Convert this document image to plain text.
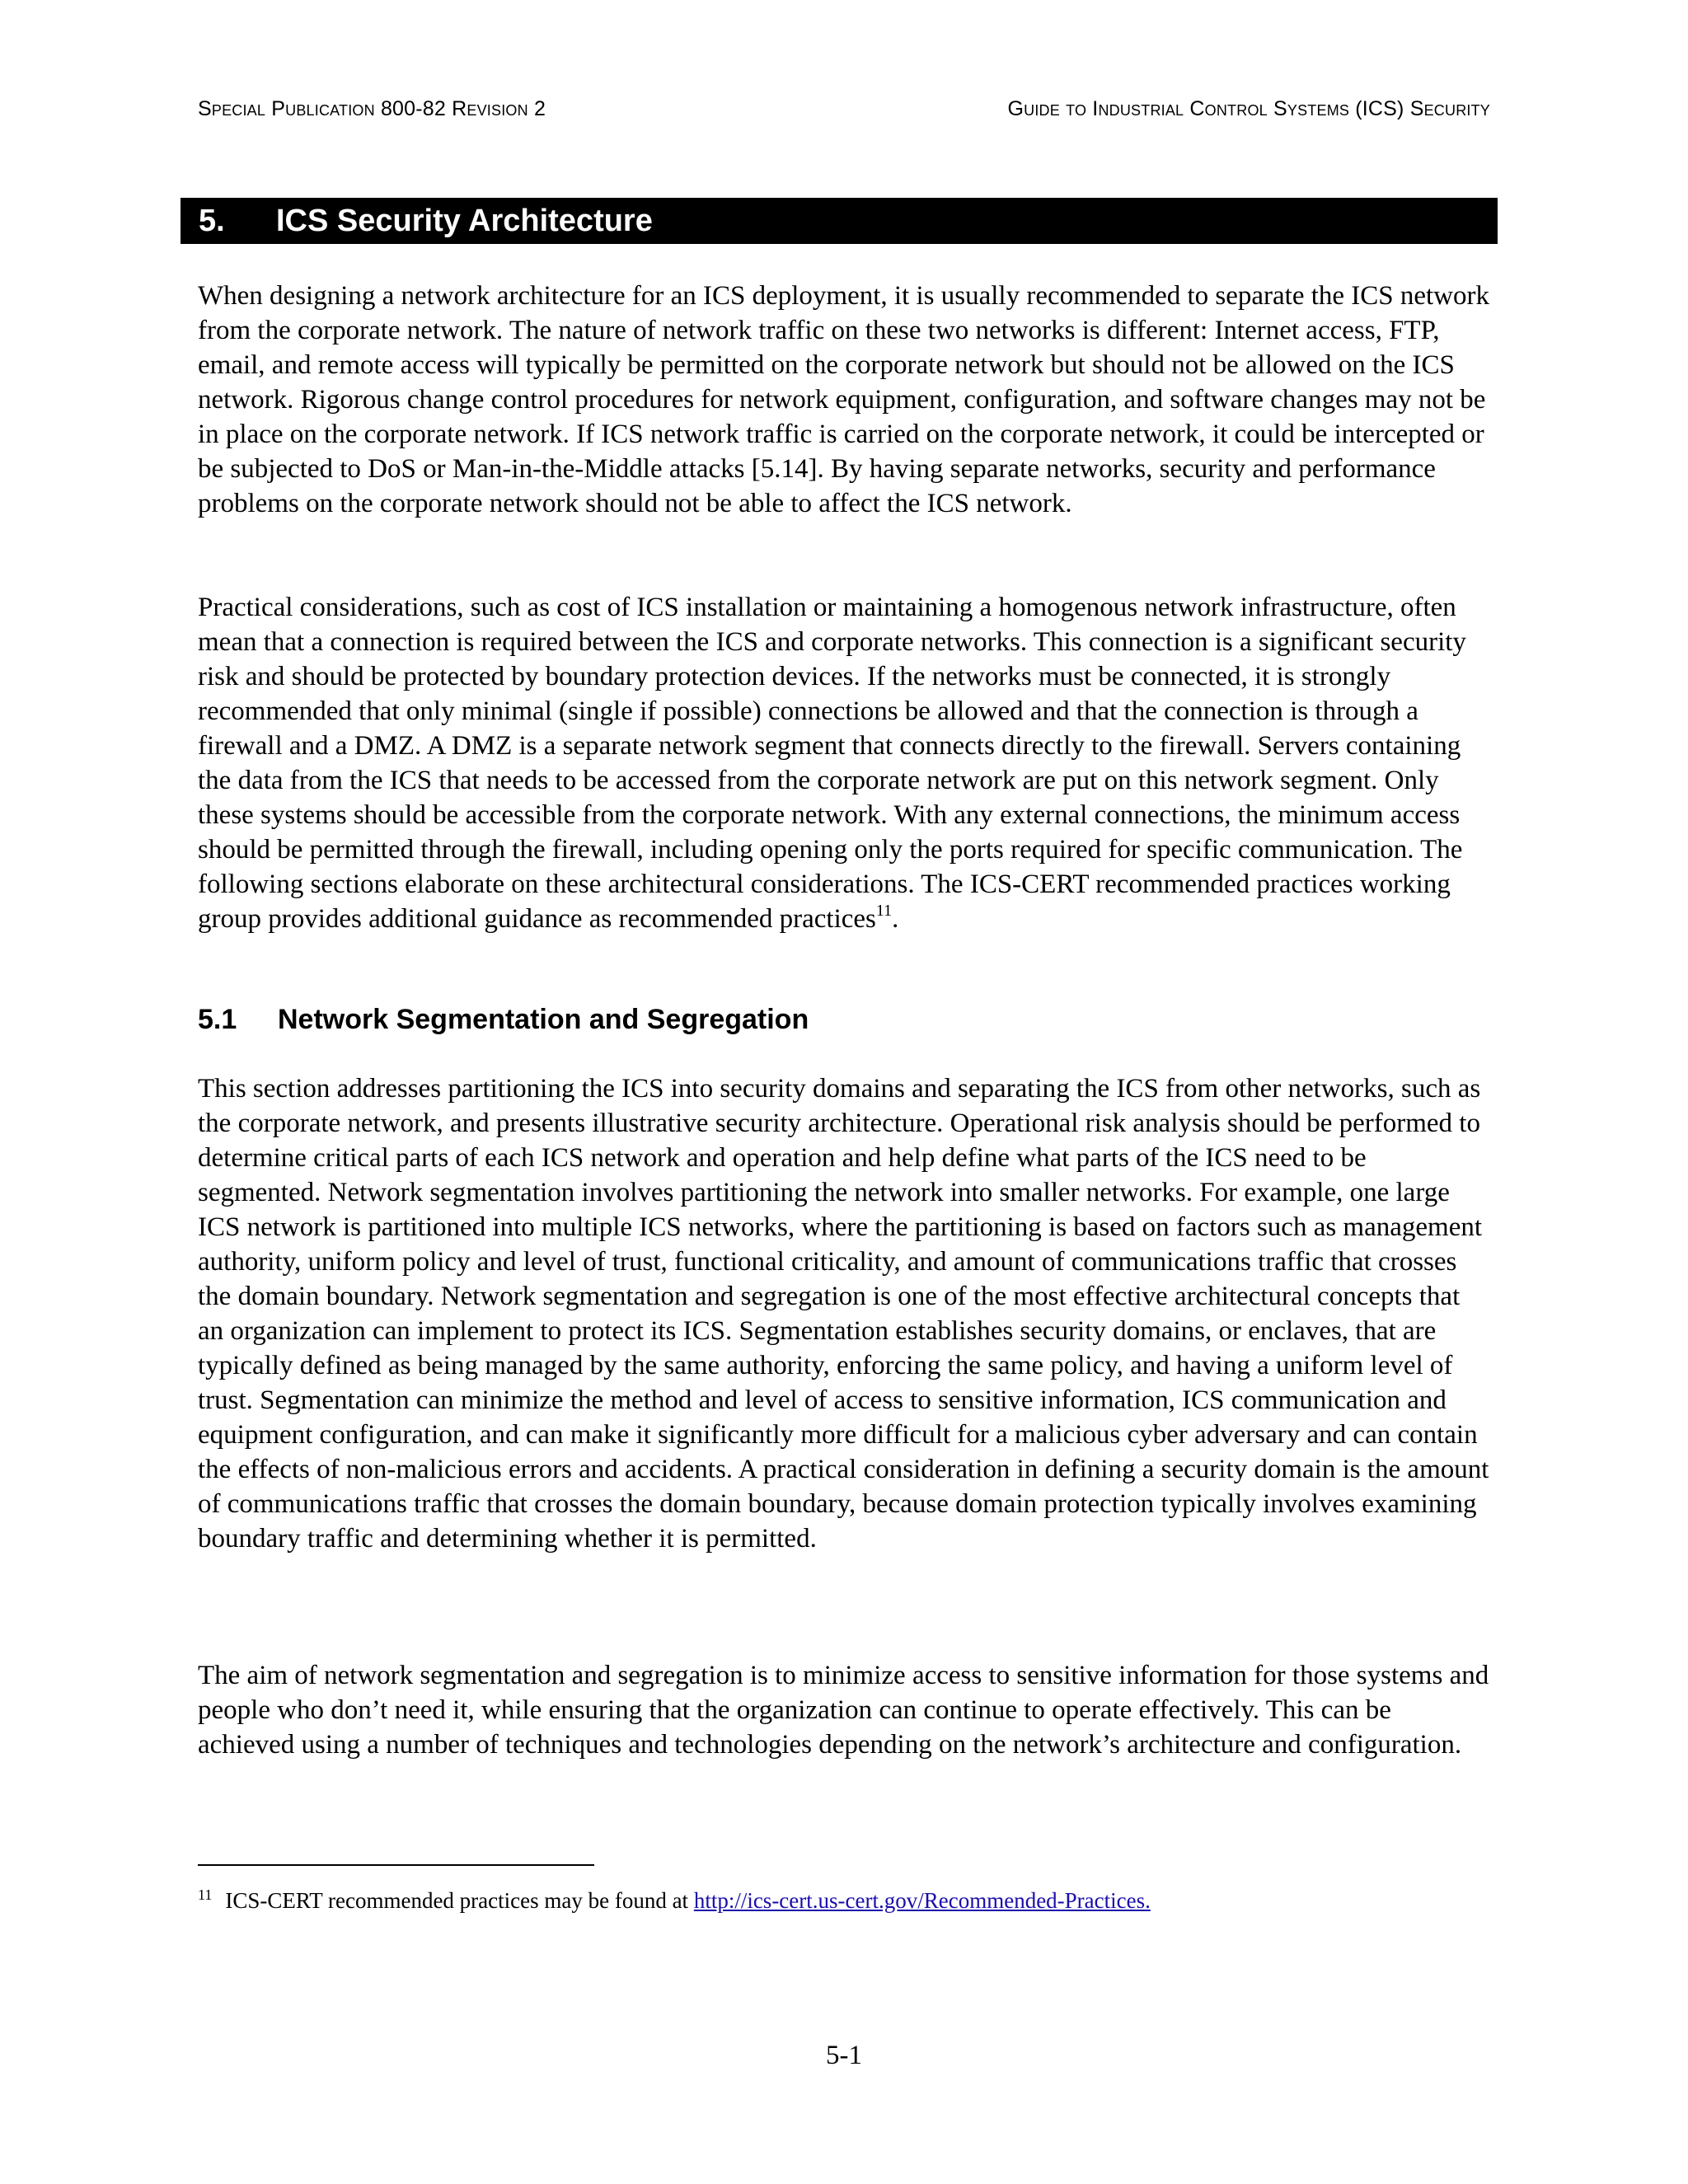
Special Publication 800-82 Revision 2	Guide to Industrial Control Systems (ICS) Security
5. ICS Security Architecture

When designing a network architecture for an ICS deployment, it is usually recommended to separate the ICS network from the corporate network. The nature of network traffic on these two networks is different: Internet access, FTP, email, and remote access will typically be permitted on the corporate network but should not be allowed on the ICS network. Rigorous change control procedures for network equipment, configuration, and software changes may not be in place on the corporate network. If ICS network traffic is carried on the corporate network, it could be intercepted or be subjected to DoS or Man-in-the-Middle attacks [5.14]. By having separate networks, security and performance problems on the corporate network should not be able to affect the ICS network.

Practical considerations, such as cost of ICS installation or maintaining a homogenous network infrastructure, often mean that a connection is required between the ICS and corporate networks. This connection is a significant security risk and should be protected by boundary protection devices. If the networks must be connected, it is strongly recommended that only minimal (single if possible) connections be allowed and that the connection is through a firewall and a DMZ. A DMZ is a separate network segment that connects directly to the firewall. Servers containing the data from the ICS that needs to be accessed from the corporate network are put on this network segment. Only these systems should be accessible from the corporate network. With any external connections, the minimum access should be permitted through the firewall, including opening only the ports required for specific communication. The following sections elaborate on these architectural considerations. The ICS-CERT recommended practices working group provides additional guidance as recommended practices$^{11}$.

5.1 Network Segmentation and Segregation

This section addresses partitioning the ICS into security domains and separating the ICS from other networks, such as the corporate network, and presents illustrative security architecture. Operational risk analysis should be performed to determine critical parts of each ICS network and operation and help define what parts of the ICS need to be segmented. Network segmentation involves partitioning the network into smaller networks. For example, one large ICS network is partitioned into multiple ICS networks, where the partitioning is based on factors such as management authority, uniform policy and level of trust, functional criticality, and amount of communications traffic that crosses the domain boundary. Network segmentation and segregation is one of the most effective architectural concepts that an organization can implement to protect its ICS. Segmentation establishes security domains, or enclaves, that are typically defined as being managed by the same authority, enforcing the same policy, and having a uniform level of trust. Segmentation can minimize the method and level of access to sensitive information, ICS communication and equipment configuration, and can make it significantly more difficult for a malicious cyber adversary and can contain the effects of non-malicious errors and accidents. A practical consideration in defining a security domain is the amount of communications traffic that crosses the domain boundary, because domain protection typically involves examining boundary traffic and determining whether it is permitted.

The aim of network segmentation and segregation is to minimize access to sensitive information for those systems and people who don’t need it, while ensuring that the organization can continue to operate effectively. This can be achieved using a number of techniques and technologies depending on the network’s architecture and configuration.

$^{11}$ ICS-CERT recommended practices may be found at http://ics-cert.us-cert.gov/Recommended-Practices.
5-1
